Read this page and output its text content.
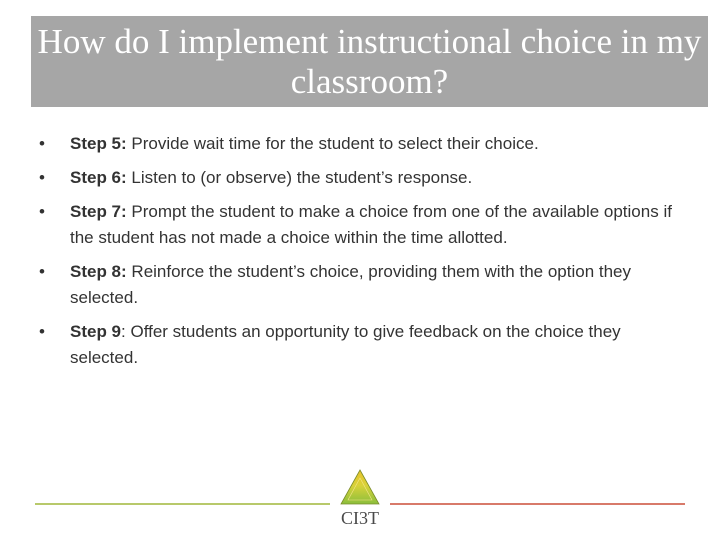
How do I implement instructional choice in my classroom?
• Step 5: Provide wait time for the student to select their choice.
• Step 6: Listen to (or observe) the student’s response.
• Step 7: Prompt the student to make a choice from one of the available options if the student has not made a choice within the time allotted.
• Step 8: Reinforce the student’s choice, providing them with the option they selected.
• Step 9: Offer students an opportunity to give feedback on the choice they selected.
CI3T
